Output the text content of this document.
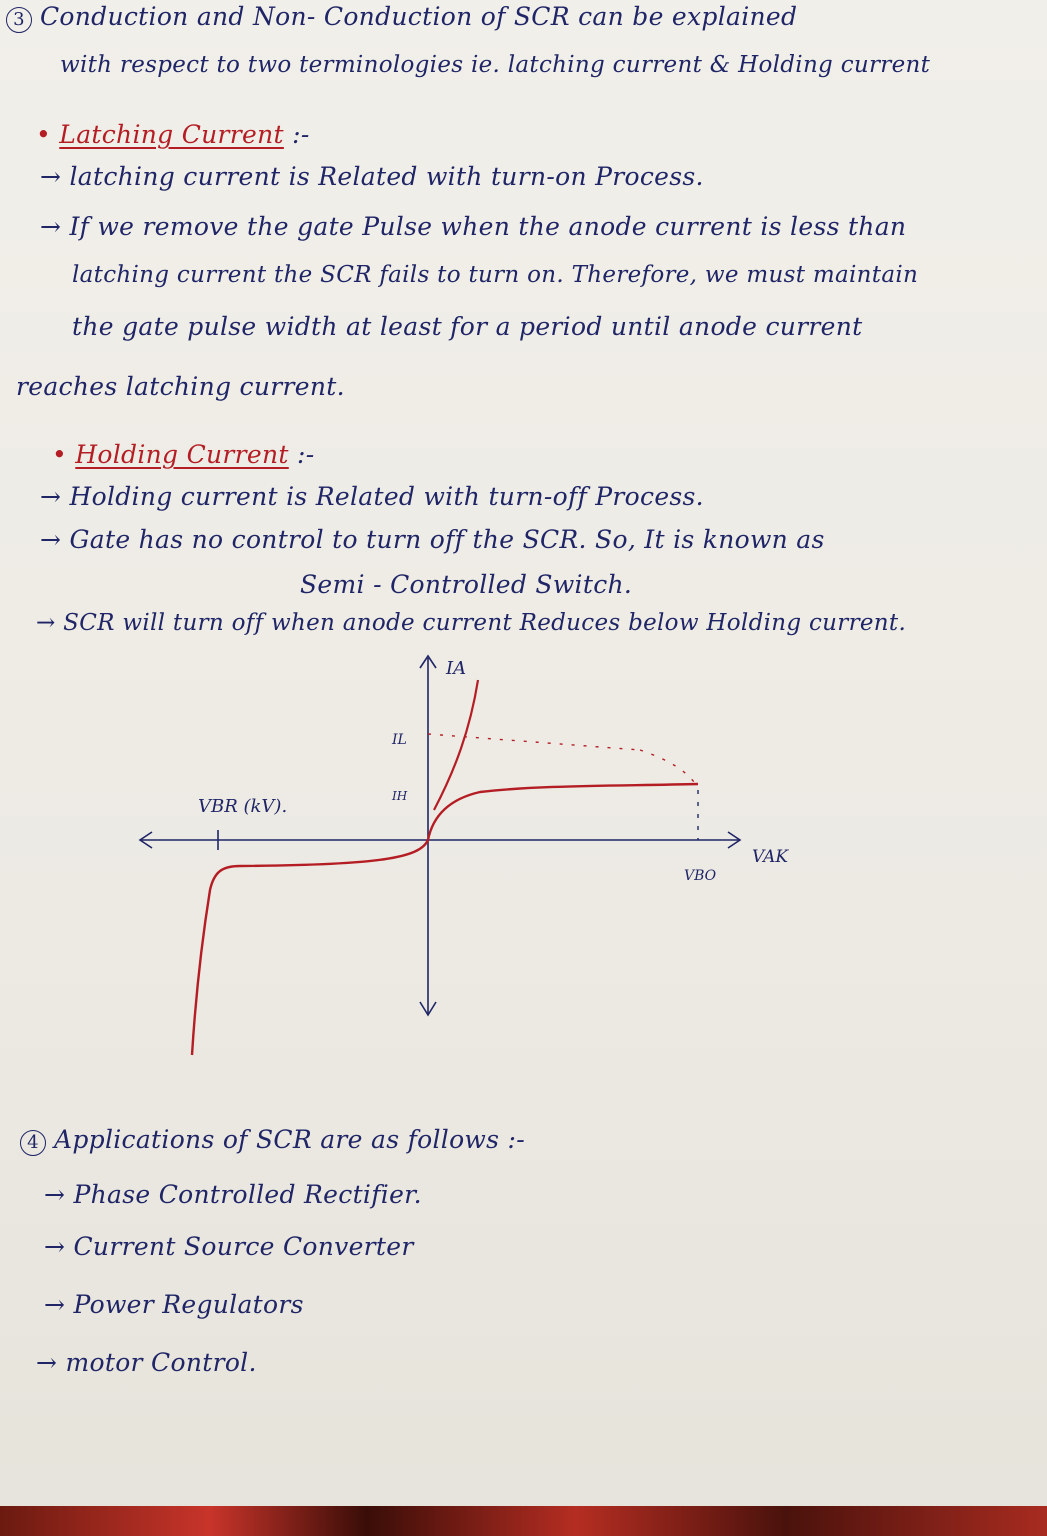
3 Conduction and Non- Conduction of SCR can be explained
with respect to two terminologies ie. latching current & Holding current
• Latching Current :-
→ latching current is Related with turn-on Process.
→ If we remove the gate Pulse when the anode current is less than
latching current the SCR fails to turn on. Therefore, we must maintain
the gate pulse width at least for a period until anode current
reaches latching current.
• Holding Current :-
→ Holding current is Related with turn-off Process.
→ Gate has no control to turn off the SCR. So, It is known as
Semi - Controlled Switch.
→ SCR will turn off when anode current Reduces below Holding current.
IA
IL
IH
VBR (kV).
VAK
VBO
4 Applications of SCR are as follows :-
→ Phase Controlled Rectifier.
→ Current Source Converter
→ Power Regulators
→ motor Control.
